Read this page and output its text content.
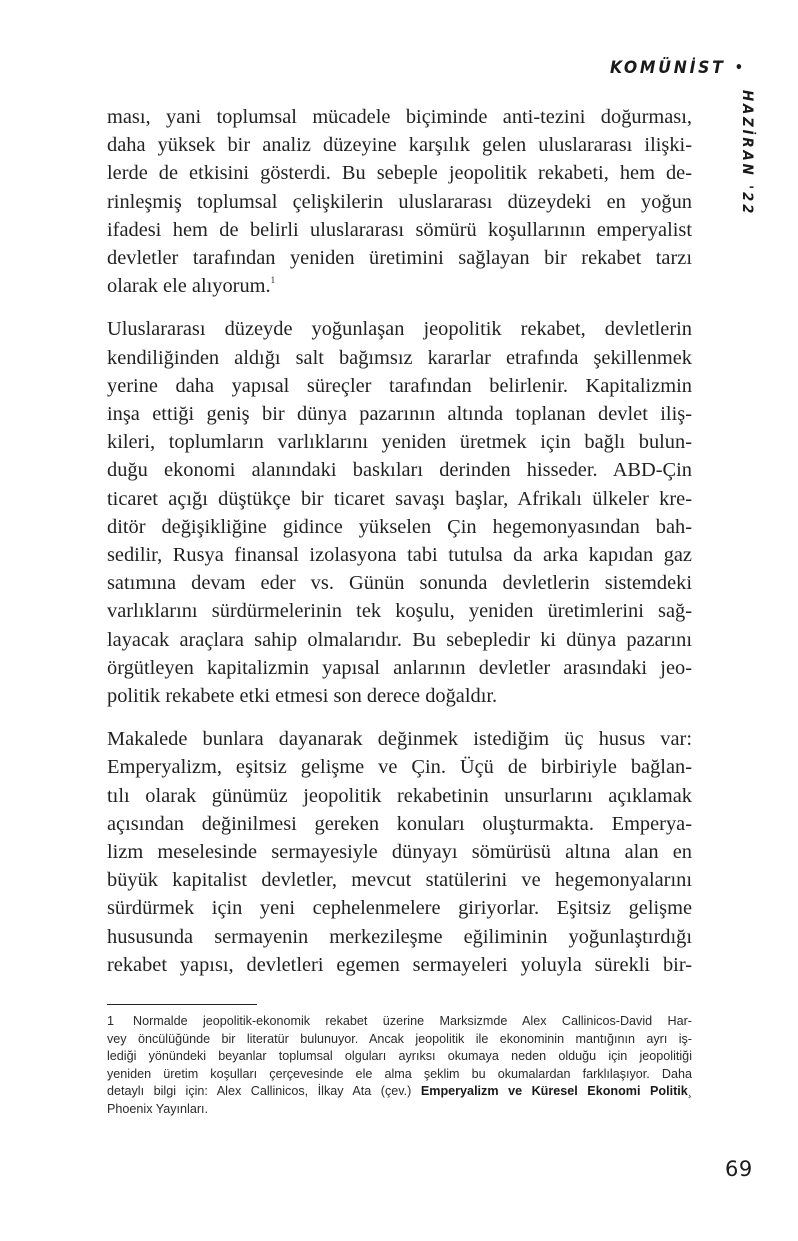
KOMÜNİST •
HAZİRAN '22

ması, yani toplumsal mücadele biçiminde anti-tezini doğurması,
daha yüksek bir analiz düzeyine karşılık gelen uluslararası ilişki-
lerde de etkisini gösterdi. Bu sebeple jeopolitik rekabeti, hem de-
rinleşmiş toplumsal çelişkilerin uluslararası düzeydeki en yoğun
ifadesi hem de belirli uluslararası sömürü koşullarının emperyalist
devletler tarafından yeniden üretimini sağlayan bir rekabet tarzı
olarak ele alıyorum.$^1$

Uluslararası düzeyde yoğunlaşan jeopolitik rekabet, devletlerin
kendiliğinden aldığı salt bağımsız kararlar etrafında şekillenmek
yerine daha yapısal süreçler tarafından belirlenir. Kapitalizmin
inşa ettiği geniş bir dünya pazarının altında toplanan devlet iliş-
kileri, toplumların varlıklarını yeniden üretmek için bağlı bulun-
duğu ekonomi alanındaki baskıları derinden hisseder. ABD-Çin
ticaret açığı düştükçe bir ticaret savaşı başlar, Afrikalı ülkeler kre-
ditör değişikliğine gidince yükselen Çin hegemonyasından bah-
sedilir, Rusya finansal izolasyona tabi tutulsa da arka kapıdan gaz
satımına devam eder vs. Günün sonunda devletlerin sistemdeki
varlıklarını sürdürmelerinin tek koşulu, yeniden üretimlerini sağ-
layacak araçlara sahip olmalarıdır. Bu sebepledir ki dünya pazarını
örgütleyen kapitalizmin yapısal anlarının devletler arasındaki jeo-
politik rekabete etki etmesi son derece doğaldır.

Makalede bunlara dayanarak değinmek istediğim üç husus var:
Emperyalizm, eşitsiz gelişme ve Çin. Üçü de birbiriyle bağlan-
tılı olarak günümüz jeopolitik rekabetinin unsurlarını açıklamak
açısından değinilmesi gereken konuları oluşturmakta. Emperya-
lizm meselesinde sermayesiyle dünyayı sömürüsü altına alan en
büyük kapitalist devletler, mevcut statülerini ve hegemonyalarını
sürdürmek için yeni cephelenmelere giriyorlar. Eşitsiz gelişme
hususunda sermayenin merkezileşme eğiliminin yoğunlaştırdığı
rekabet yapısı, devletleri egemen sermayeleri yoluyla sürekli bir-

1 Normalde jeopolitik-ekonomik rekabet üzerine Marksizmde Alex Callinicos-David Har-
vey öncülüğünde bir literatür bulunuyor. Ancak jeopolitik ile ekonominin mantığının ayrı iş-
lediği yönündeki beyanlar toplumsal olguları ayrıksı okumaya neden olduğu için jeopolitiği
yeniden üretim koşulları çerçevesinde ele alma şeklim bu okumalardan farklılaşıyor. Daha
detaylı bilgi için: Alex Callinicos, İlkay Ata (çev.) Emperyalizm ve Küresel Ekonomi Politik¸
Phoenix Yayınları.
69
